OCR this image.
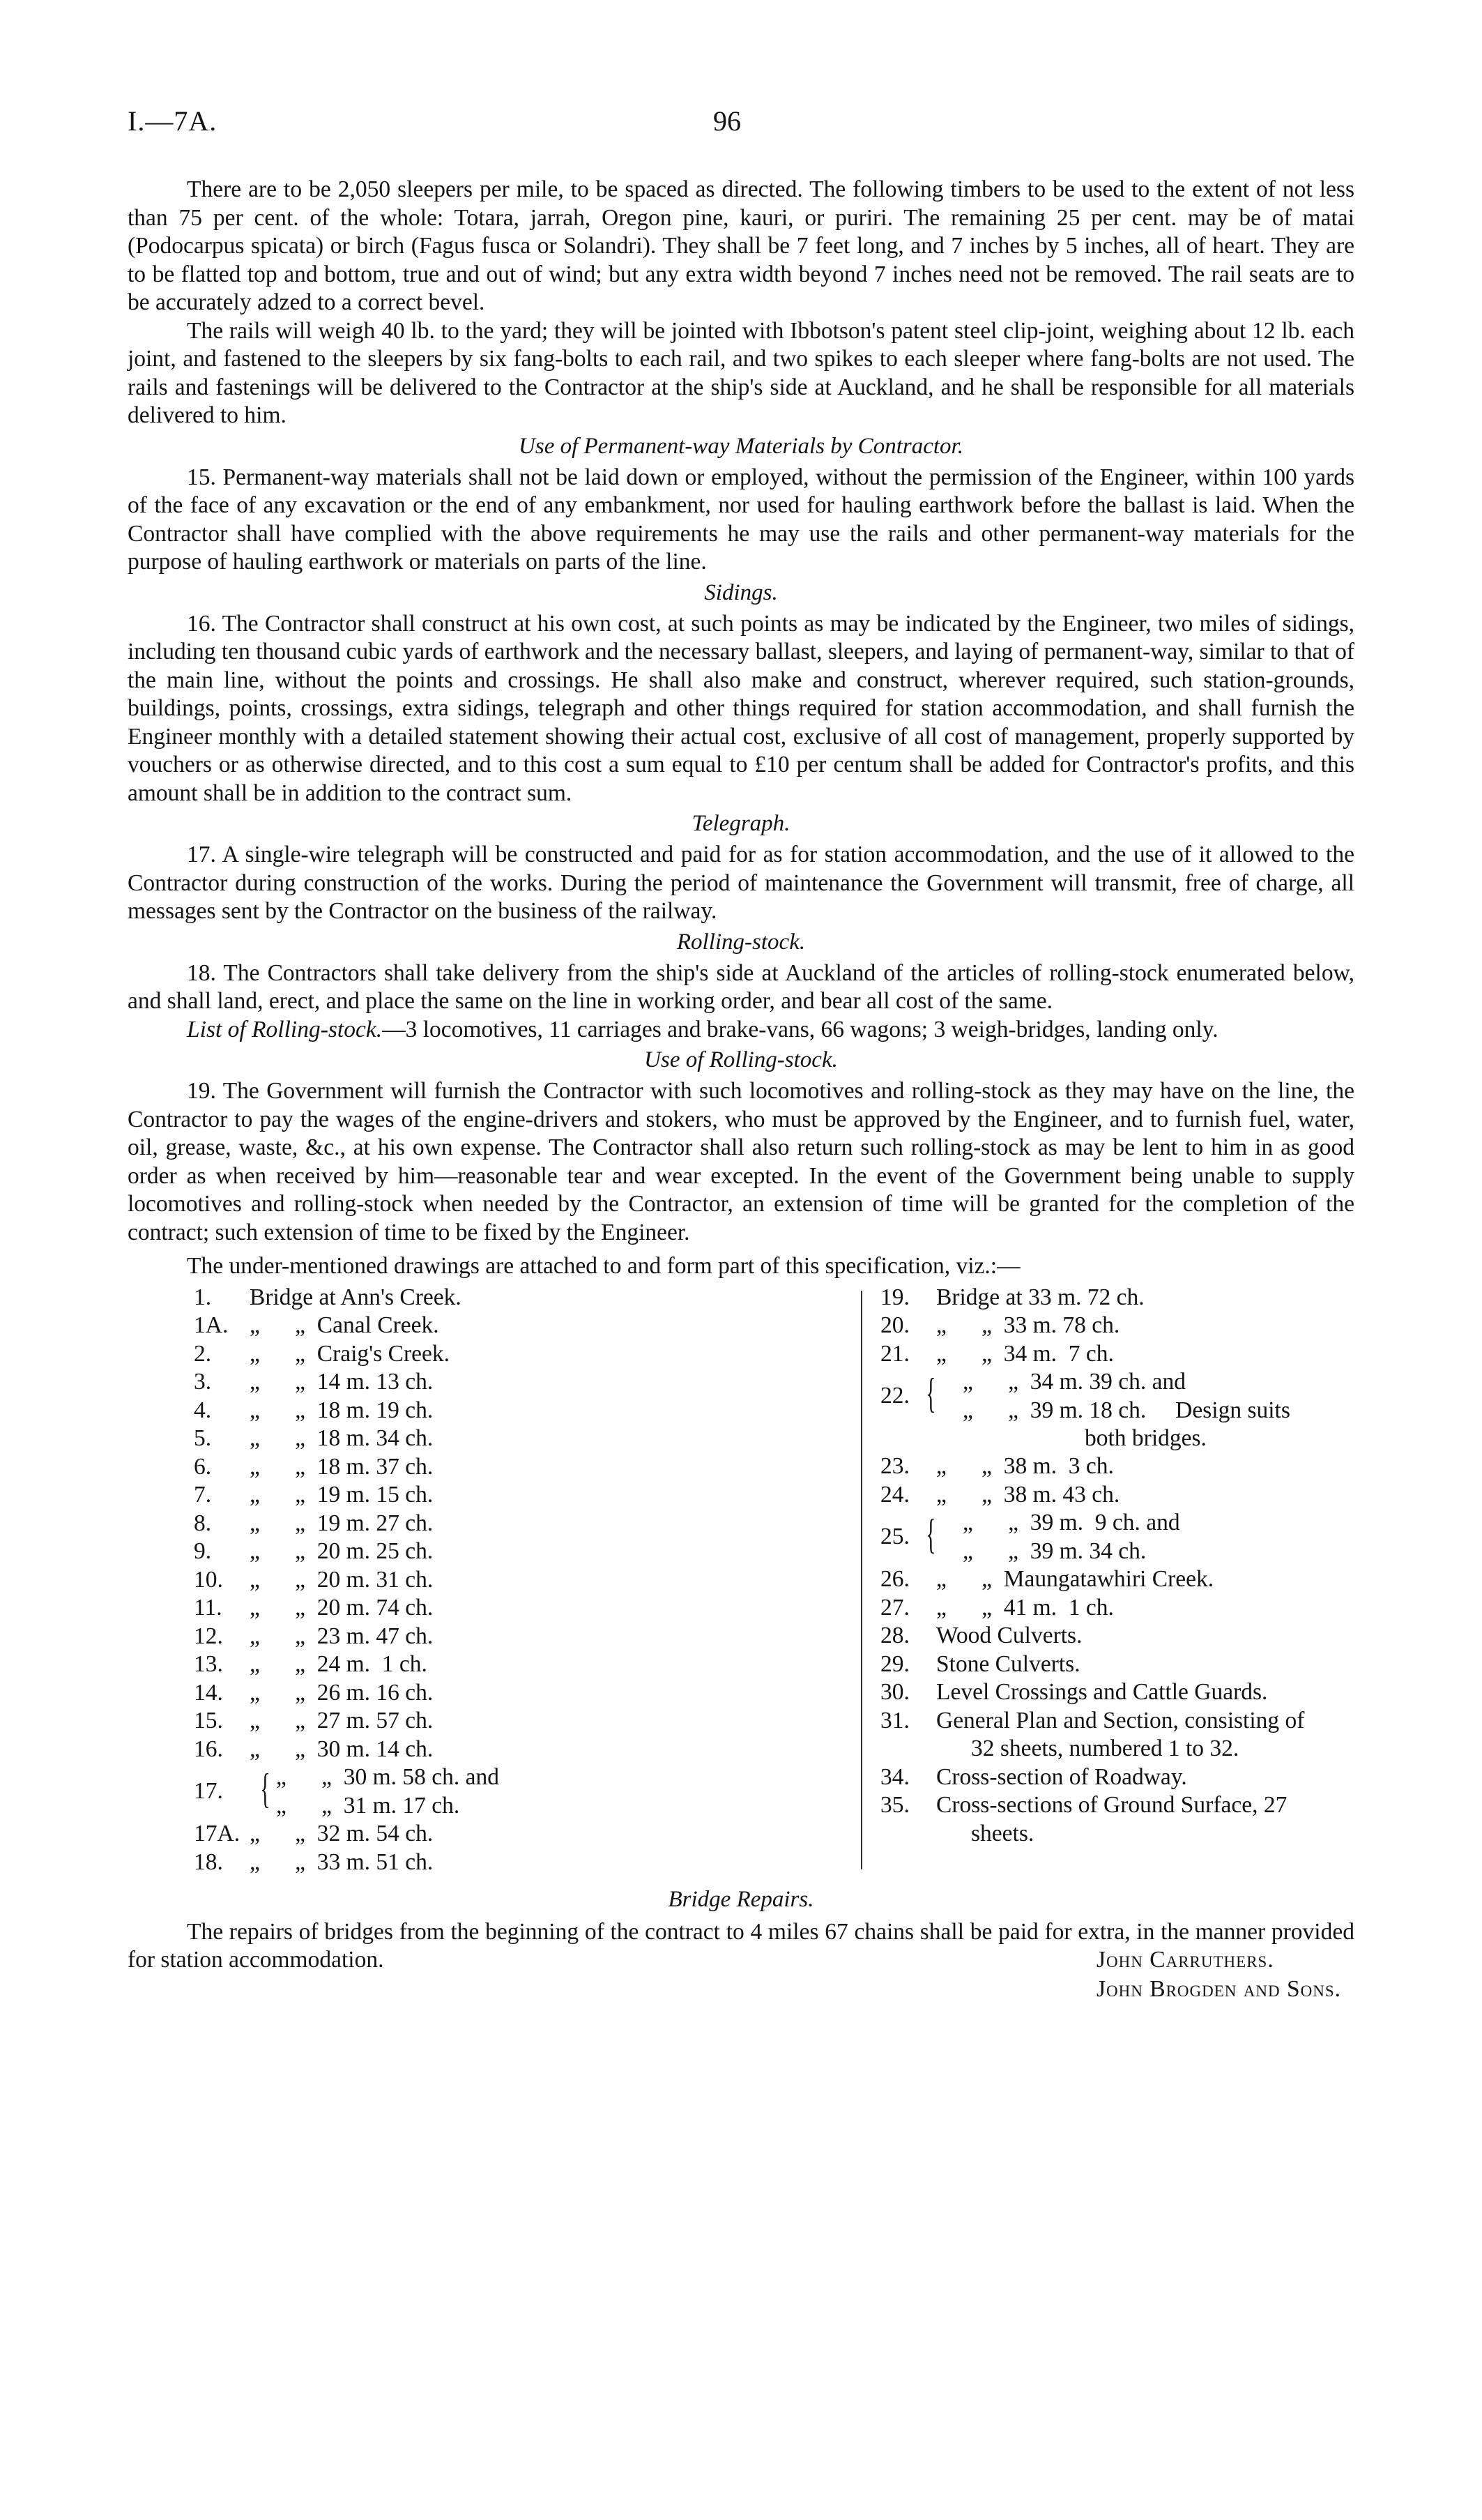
I.—7A.	96

There are to be 2,050 sleepers per mile, to be spaced as directed. The following timbers to be used to the extent of not less than 75 per cent. of the whole: Totara, jarrah, Oregon pine, kauri, or puriri. The remaining 25 per cent. may be of matai (Podocarpus spicata) or birch (Fagus fusca or Solandri). They shall be 7 feet long, and 7 inches by 5 inches, all of heart. They are to be flatted top and bottom, true and out of wind; but any extra width beyond 7 inches need not be removed. The rail seats are to be accurately adzed to a correct bevel.

The rails will weigh 40 lb. to the yard; they will be jointed with Ibbotson's patent steel clip-joint, weighing about 12 lb. each joint, and fastened to the sleepers by six fang-bolts to each rail, and two spikes to each sleeper where fang-bolts are not used. The rails and fastenings will be delivered to the Contractor at the ship's side at Auckland, and he shall be responsible for all materials delivered to him.

Use of Permanent-way Materials by Contractor.

15. Permanent-way materials shall not be laid down or employed, without the permission of the Engineer, within 100 yards of the face of any excavation or the end of any embankment, nor used for hauling earthwork before the ballast is laid. When the Contractor shall have complied with the above requirements he may use the rails and other permanent-way materials for the purpose of hauling earthwork or materials on parts of the line.

Sidings.

16. The Contractor shall construct at his own cost, at such points as may be indicated by the Engineer, two miles of sidings, including ten thousand cubic yards of earthwork and the necessary ballast, sleepers, and laying of permanent-way, similar to that of the main line, without the points and crossings. He shall also make and construct, wherever required, such station-grounds, buildings, points, crossings, extra sidings, telegraph and other things required for station accommodation, and shall furnish the Engineer monthly with a detailed statement showing their actual cost, exclusive of all cost of management, properly supported by vouchers or as otherwise directed, and to this cost a sum equal to £10 per centum shall be added for Contractor's profits, and this amount shall be in addition to the contract sum.

Telegraph.

17. A single-wire telegraph will be constructed and paid for as for station accommodation, and the use of it allowed to the Contractor during construction of the works. During the period of maintenance the Government will transmit, free of charge, all messages sent by the Contractor on the business of the railway.

Rolling-stock.

18. The Contractors shall take delivery from the ship's side at Auckland of the articles of rolling-stock enumerated below, and shall land, erect, and place the same on the line in working order, and bear all cost of the same.

List of Rolling-stock.—3 locomotives, 11 carriages and brake-vans, 66 wagons; 3 weigh-bridges, landing only.

Use of Rolling-stock.

19. The Government will furnish the Contractor with such locomotives and rolling-stock as they may have on the line, the Contractor to pay the wages of the engine-drivers and stokers, who must be approved by the Engineer, and to furnish fuel, water, oil, grease, waste, &c., at his own expense. The Contractor shall also return such rolling-stock as may be lent to him in as good order as when received by him—reasonable tear and wear excepted. In the event of the Government being unable to supply locomotives and rolling-stock when needed by the Contractor, an extension of time will be granted for the completion of the contract; such extension of time to be fixed by the Engineer.

The under-mentioned drawings are attached to and form part of this specification, viz.:—

1.	Bridge at Ann's Creek.
1A. „      „  Canal Creek.
2.	„      „  Craig's Creek.
3.	„      „  14 m. 13 ch.
4.	„      „  18 m. 19 ch.
5.	„      „  18 m. 34 ch.
6.	„      „  18 m. 37 ch.
7.	„      „  19 m. 15 ch.
8.	„      „  19 m. 27 ch.
9.	„      „  20 m. 25 ch.
10.	„      „  20 m. 31 ch.
11.	„      „  20 m. 74 ch.
12.	„      „  23 m. 47 ch.
13.	„      „  24 m.  1 ch.
14.	„      „  26 m. 16 ch.
15.	„      „  27 m. 57 ch.
16.	„      „  30 m. 14 ch.
17. { „      „  30 m. 58 ch. and
„      „  31 m. 17 ch.
17A. „      „  32 m. 54 ch.
18.	„      „  33 m. 51 ch.
19.	Bridge at 33 m. 72 ch.
20.	„      „  33 m. 78 ch.
21.	„      „  34 m.  7 ch.
22. { „      „  34 m. 39 ch. and
„      „  39 m. 18 ch.     Design suits
both bridges.
23.	„      „  38 m.  3 ch.
24.	„      „  38 m. 43 ch.
25. { „      „  39 m.  9 ch. and
„      „  39 m. 34 ch.
26.	„      „  Maungatawhiri Creek.
27.	„      „  41 m.  1 ch.
28.	Wood Culverts.
29.	Stone Culverts.
30.	Level Crossings and Cattle Guards.
31.	General Plan and Section, consisting of
32 sheets, numbered 1 to 32.
34.	Cross-section of Roadway.
35.	Cross-sections of Ground Surface, 27
sheets.
Bridge Repairs.

The repairs of bridges from the beginning of the contract to 4 miles 67 chains shall be paid for extra, in the manner provided for station accommodation.	John Carruthers.
John Brogden and Sons.
